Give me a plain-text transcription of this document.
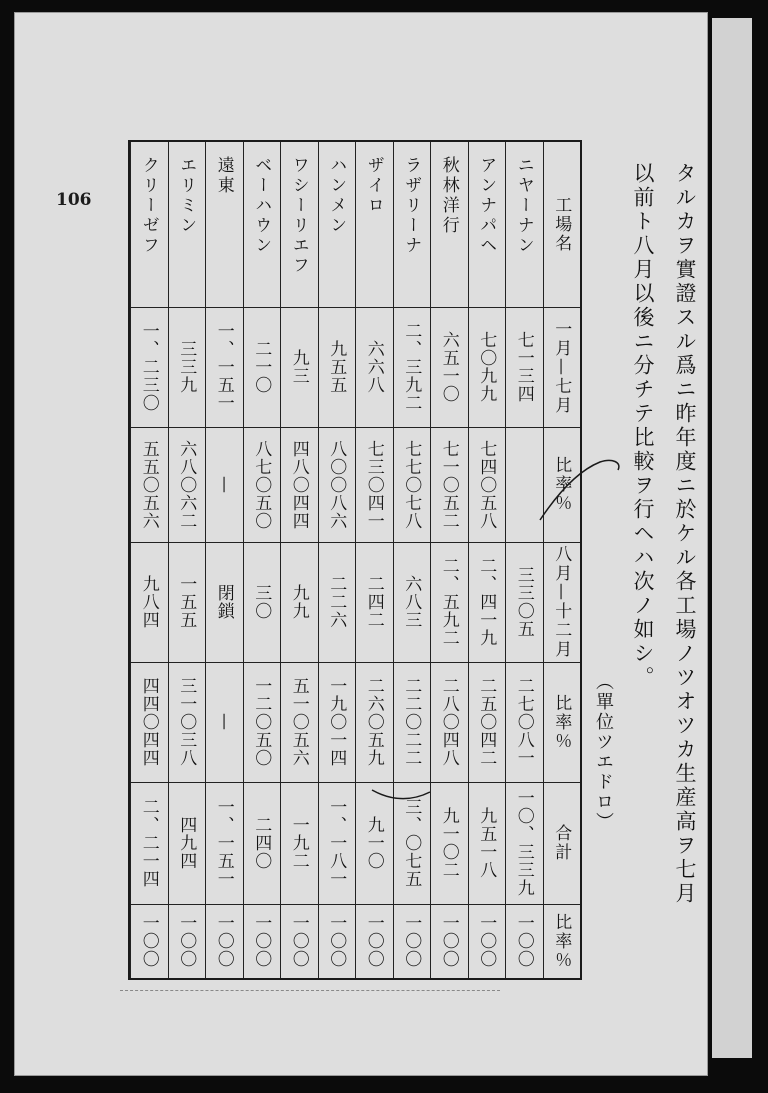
106	タルカヲ實證スル爲ニ昨年度ニ於ケル各工場ノツオツカ生産高ヲ七月
以前ト八月以後ニ分チテ比較ヲ行ヘハ次ノ如シ。
（單位ツエドロ）
工場名
一月—七月
比率％
八月—十二月
比率％
合計
比率％
ニヤーナン
七一三四
三三〇五
二七〇八一
一〇、三三九
一〇〇
アンナパヘ
七〇九九
七四〇五八
二、四一九
二五〇四二
九五一八
一〇〇
秋林洋行
六五一〇
七一〇五二
二、五九二
二八〇四八
九一〇二
一〇〇
ラザリーナ
二、三九二
七七〇七八
六八三
二二〇二二
三、〇七五
一〇〇
ザイロ
六六八
七三〇四一
二四二
二六〇五九
九一〇
一〇〇
ハンメン
九五五
八〇〇八六
二二六
一九〇一四
一、一八一
一〇〇
ワシーリエフ
九三
四八〇四四
九九
五一〇五六
一九二
一〇〇
ベーハウン
二一〇
八七〇五〇
三〇
一二〇五〇
二四〇
一〇〇
遠東
一、一五一
—
閉鎖
—
一、一五一
一〇〇
エリミン
三三九
六八〇六二
一五五
三一〇三八
四九四
一〇〇
クリーゼフ
一、二三〇
五五〇五六
九八四
四四〇四四
二、二一四
一〇〇
